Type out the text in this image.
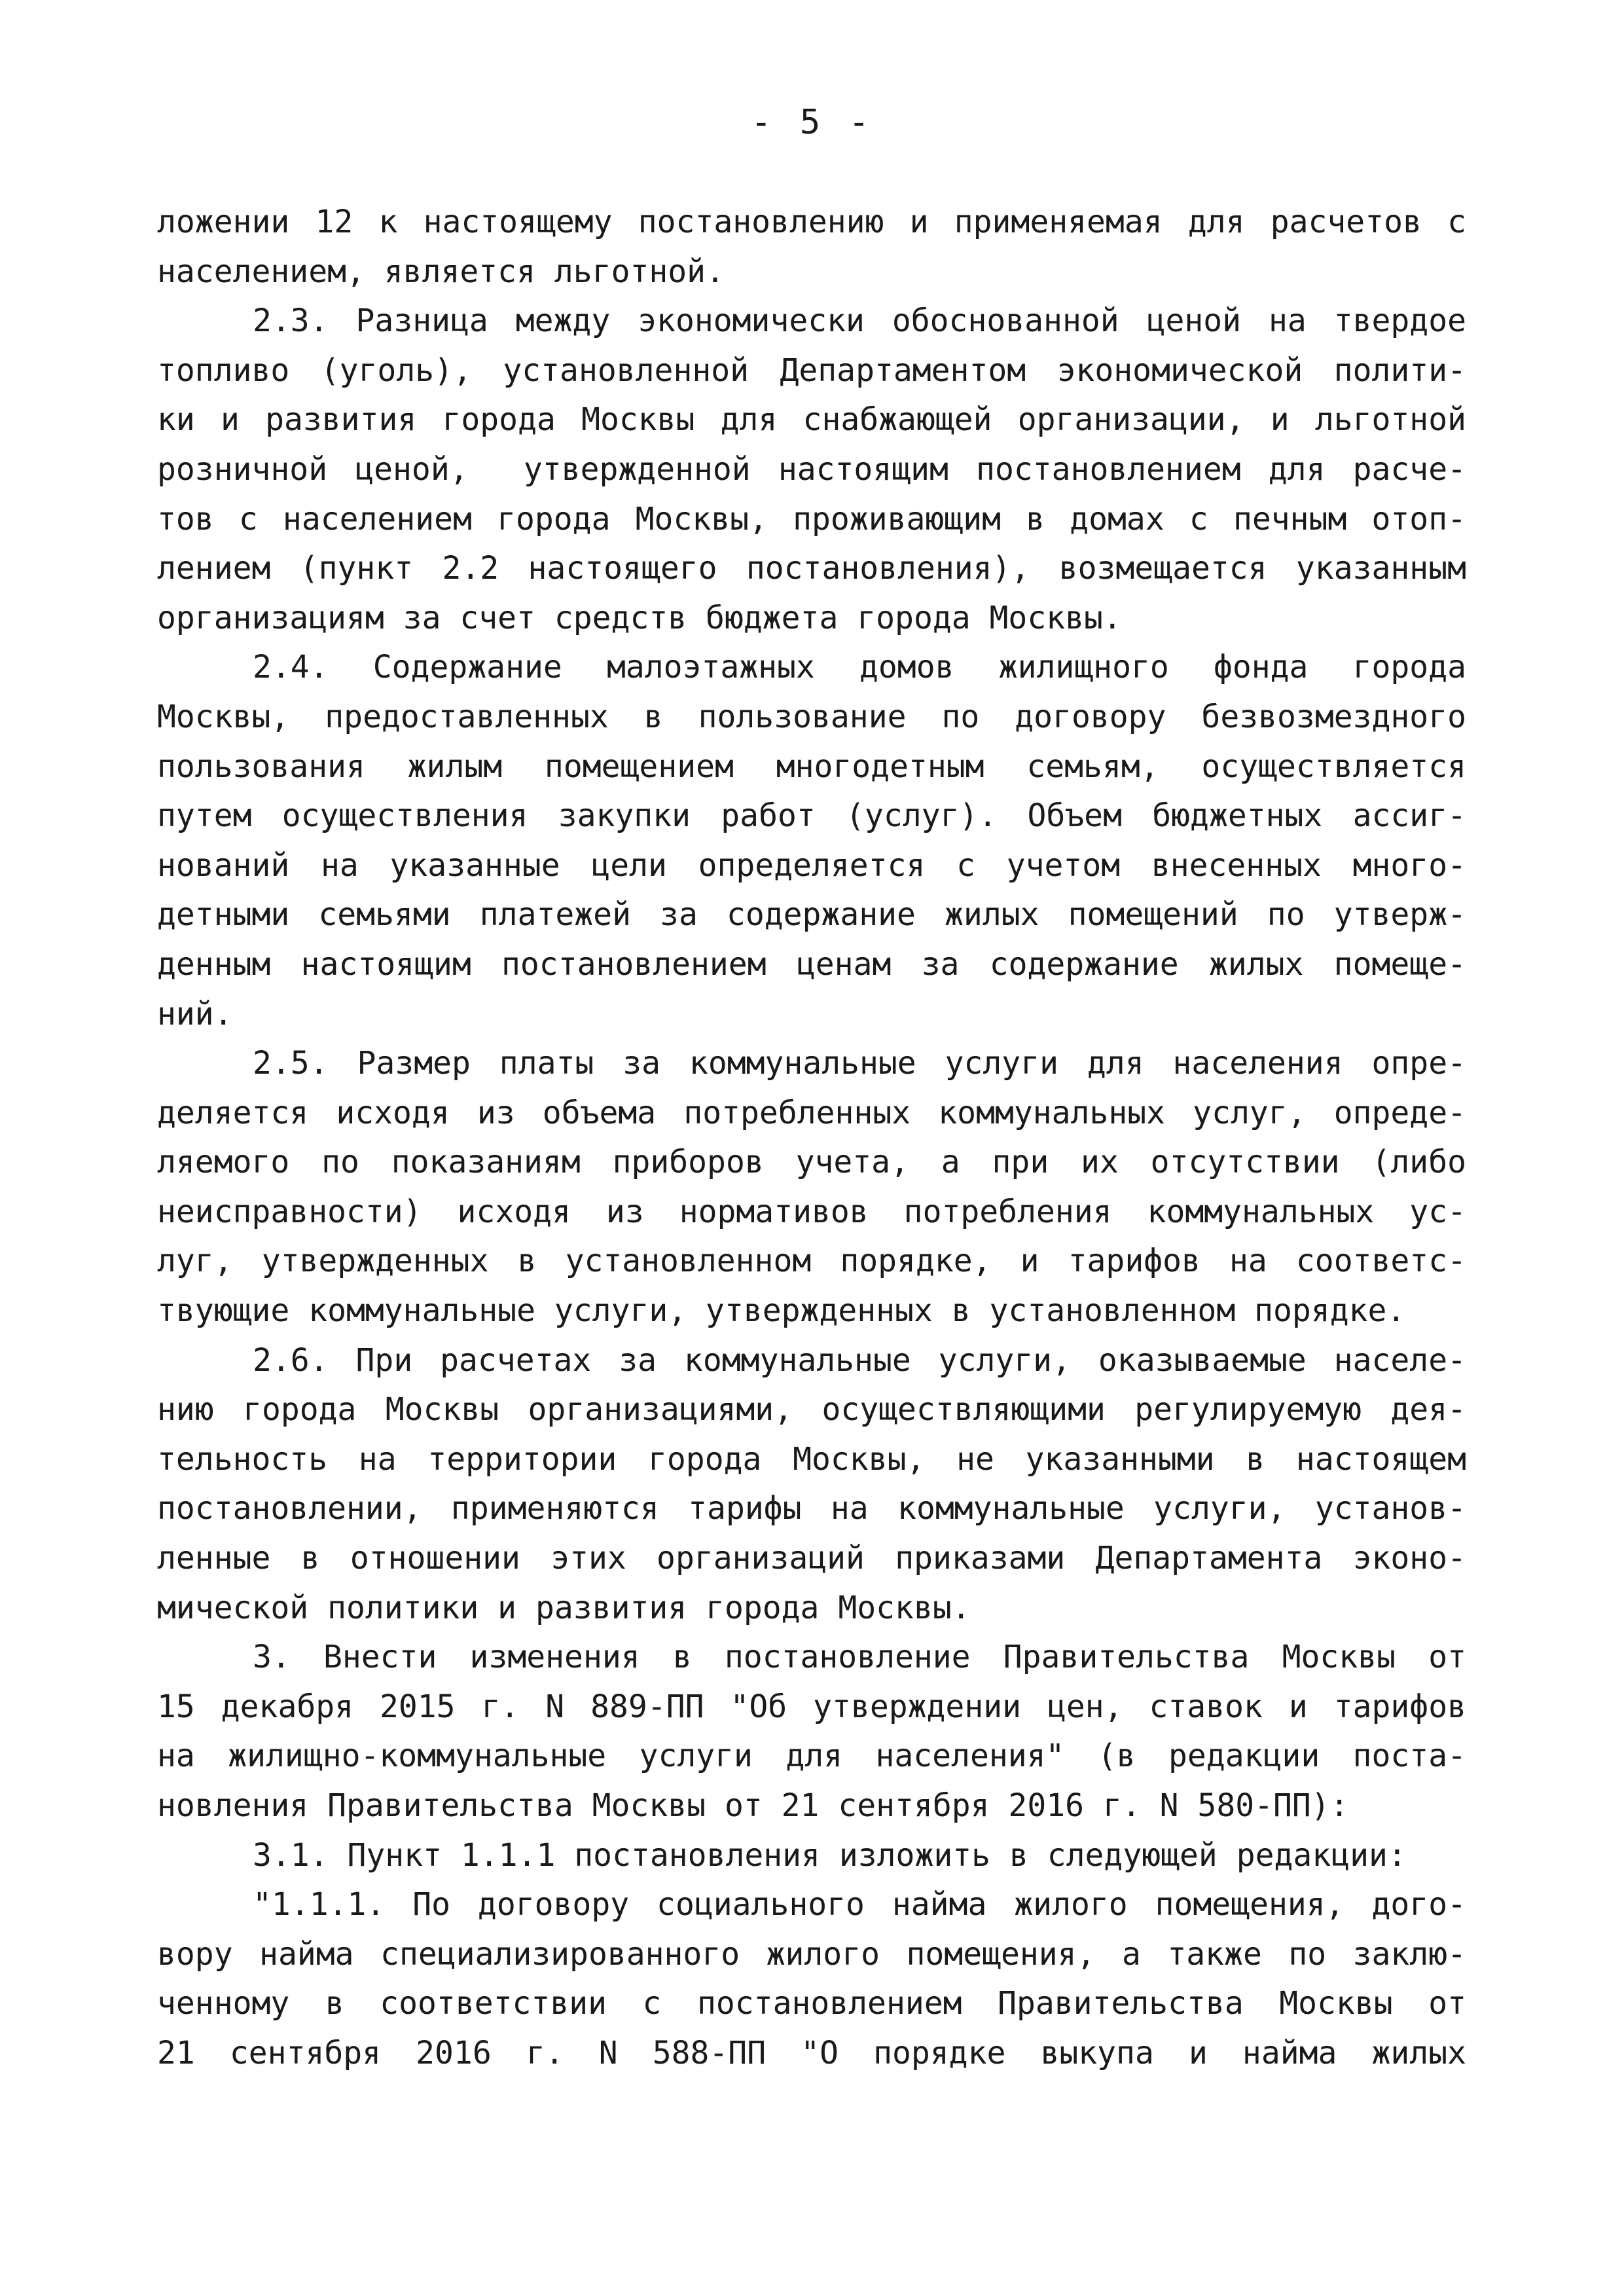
- 5 -
ложении 12 к настоящему постановлению и применяемая для расчетов с
населением, является льготной.
2.3. Разница между экономически обоснованной ценой на твердое
топливо (уголь), установленной Департаментом экономической полити-
ки и развития города Москвы для снабжающей организации, и льготной
розничной ценой,  утвержденной настоящим постановлением для расче-
тов с населением города Москвы, проживающим в домах с печным отоп-
лением (пункт 2.2 настоящего постановления), возмещается указанным
организациям за счет средств бюджета города Москвы.
2.4. Содержание малоэтажных домов жилищного фонда города
Москвы, предоставленных в пользование по договору безвозмездного
пользования жилым помещением многодетным семьям, осуществляется
путем осуществления закупки работ (услуг). Объем бюджетных ассиг-
нований на указанные цели определяется с учетом внесенных много-
детными семьями платежей за содержание жилых помещений по утверж-
денным настоящим постановлением ценам за содержание жилых помеще-
ний.
2.5. Размер платы за коммунальные услуги для населения опре-
деляется исходя из объема потребленных коммунальных услуг, опреде-
ляемого по показаниям приборов учета, а при их отсутствии (либо
неисправности) исходя из нормативов потребления коммунальных ус-
луг, утвержденных в установленном порядке, и тарифов на соответс-
твующие коммунальные услуги, утвержденных в установленном порядке.
2.6. При расчетах за коммунальные услуги, оказываемые населе-
нию города Москвы организациями, осуществляющими регулируемую дея-
тельность на территории города Москвы, не указанными в настоящем
постановлении, применяются тарифы на коммунальные услуги, установ-
ленные в отношении этих организаций приказами Департамента эконо-
мической политики и развития города Москвы.
3. Внести изменения в постановление Правительства Москвы от
15 декабря 2015 г. N 889-ПП "Об утверждении цен, ставок и тарифов
на жилищно-коммунальные услуги для населения" (в редакции поста-
новления Правительства Москвы от 21 сентября 2016 г. N 580-ПП):
3.1. Пункт 1.1.1 постановления изложить в следующей редакции:
"1.1.1. По договору социального найма жилого помещения, дого-
вору найма специализированного жилого помещения, а также по заклю-
ченному в соответствии с постановлением Правительства Москвы от
21 сентября 2016 г. N 588-ПП "О порядке выкупа и найма жилых
